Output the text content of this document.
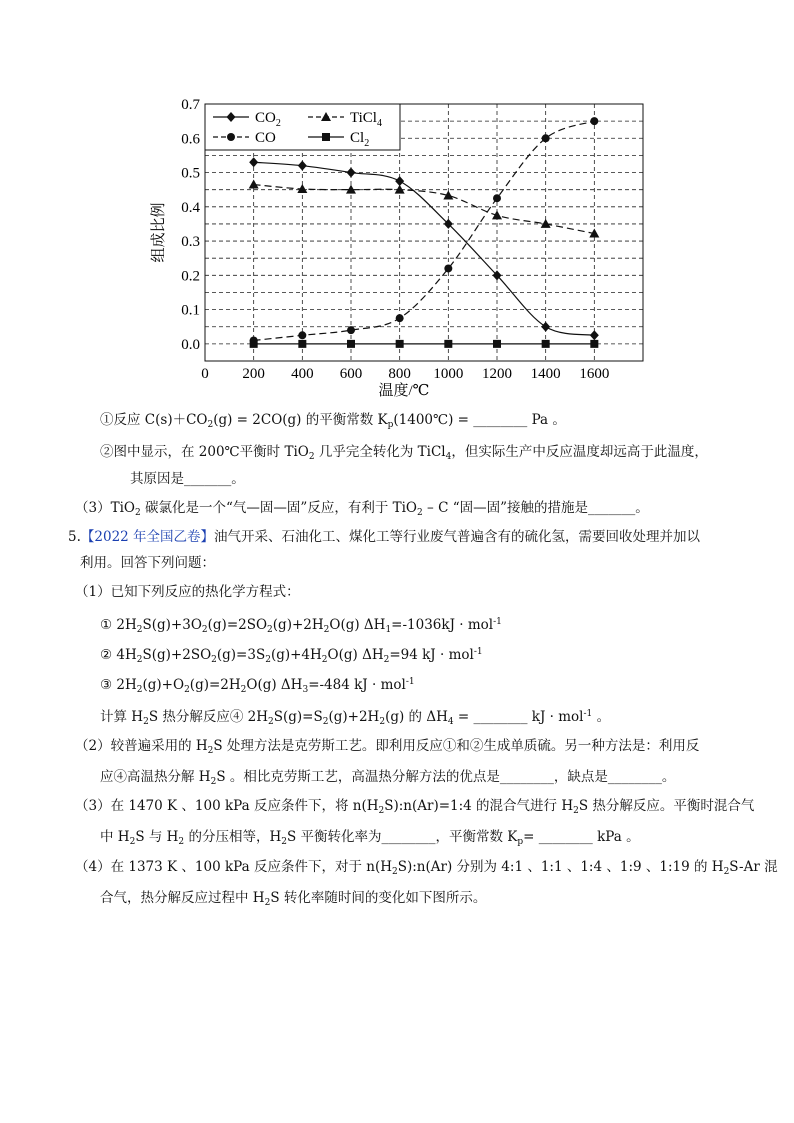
0.0
0.1
0.2
0.3
0.4
0.5
0.6
0.7
0 200 400 600 800 1000 1200 1400 1600
温度/℃
组成比例
$CO_2$	TiCl$_4$
CO	$Cl_2$
①反应 $C(s)+CO_2(g) = 2CO(g)$ 的平衡常数 $K_p(1400℃)$ = ________ Pa 。
②图中显示，在 200℃平衡时 TiO$_2$ 几乎完全转化为 TiCl$_4$，但实际生产中反应温度却远高于此温度，
其原因是_______。
（3）TiO$_2$ 碳氯化是一个“气—固—固”反应，有利于 TiO$_2$ – C “固—固”接触的措施是_______。
5.【2022 年全国乙卷】油气开采、石油化工、煤化工等行业废气普遍含有的硫化氢，需要回收处理并加以
利用。回答下列问题：
（1）已知下列反应的热化学方程式：
① $2H_2S(g)+3O_2(g)=2SO_2(g)+2H_2O(g) \Delta H_1=-1036kJ \cdot mol^{-1}$
② $4H_2S(g)+2SO_2(g)=3S_2(g)+4H_2O(g)$ $\Delta H_2=94$ kJ · mol$^{-1}$
③ $2H_2(g)+O_2(g)=2H_2O(g)$ $\Delta H_3=-484$ kJ · mol$^{-1}$
计算 $H_2S$ 热分解反应④ $2H_2S(g)=S_2(g)+2H_2(g)$ 的 $\Delta H_4$ = ________ kJ · mol$^{-1}$ 。
（2）较普遍采用的 $H_2S$ 处理方法是克劳斯工艺。即利用反应①和②生成单质硫。另一种方法是：利用反
应④高温热分解 $H_2S$ 。相比克劳斯工艺，高温热分解方法的优点是________，缺点是________。
（3）在 1470 K 、100 kPa 反应条件下，将 $n(H_2S):n(Ar)=1:4$ 的混合气进行 $H_2S$ 热分解反应。平衡时混合气
中 $H_2S$ 与 $H_2$ 的分压相等，$H_2S$ 平衡转化率为________，平衡常数 $K_p=$ ________ kPa 。
（4）在 1373 K 、100 kPa 反应条件下，对于 $n(H_2S):n(Ar)$ 分别为 4:1 、1:1 、1:4 、1:9 、1:19 的 $H_2S-Ar$ 混
合气，热分解反应过程中 $H_2S$ 转化率随时间的变化如下图所示。
